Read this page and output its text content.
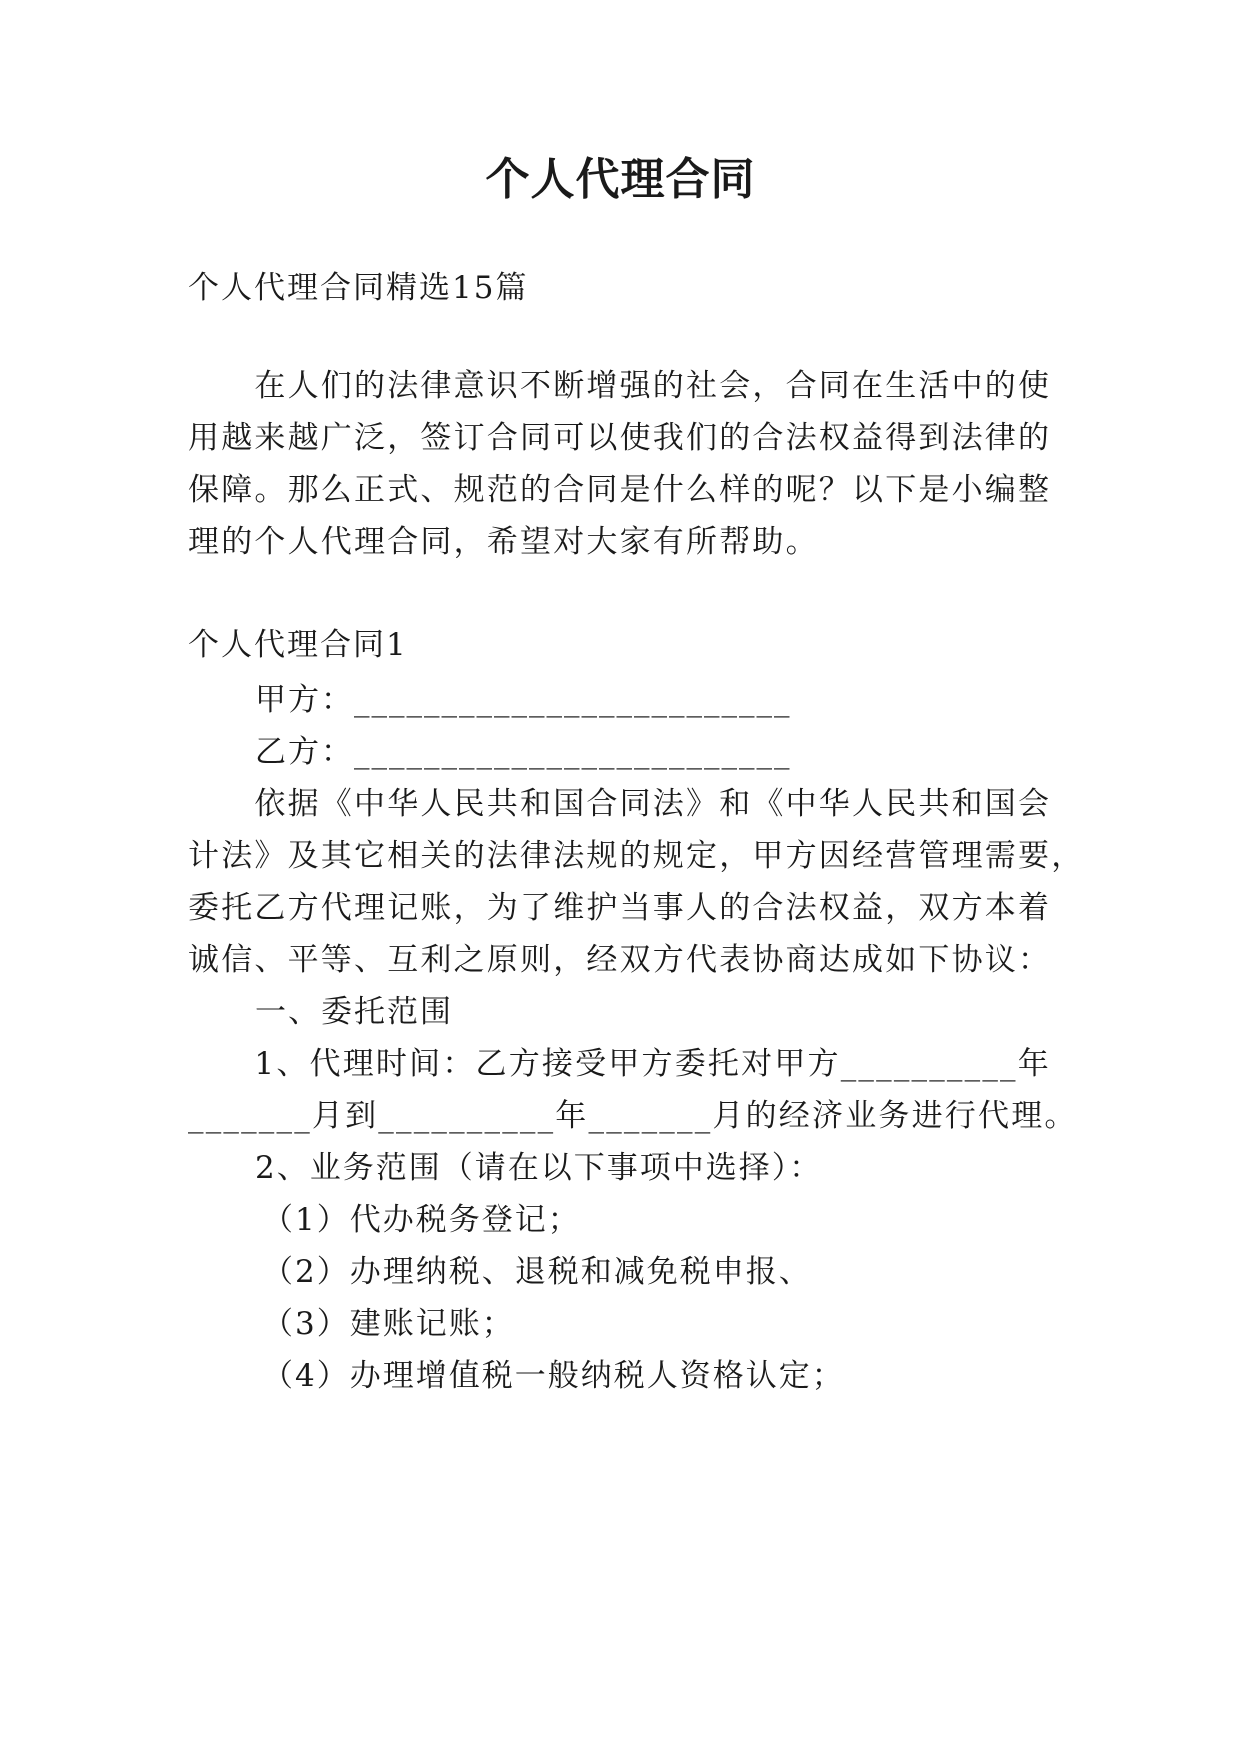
个人代理合同
个人代理合同精选15篇
　　在人们的法律意识不断增强的社会，合同在生活中的使
用越来越广泛，签订合同可以使我们的合法权益得到法律的
保障。那么正式、规范的合同是什么样的呢？以下是小编整
理的个人代理合同，希望对大家有所帮助。
个人代理合同1
甲方：_________________________
乙方：_________________________
　　依据《中华人民共和国合同法》和《中华人民共和国会
计法》及其它相关的法律法规的规定，甲方因经营管理需要，
委托乙方代理记账，为了维护当事人的合法权益，双方本着
诚信、平等、互利之原则，经双方代表协商达成如下协议：
一、委托范围
　　1、代理时间：乙方接受甲方委托对甲方__________年
_______月到__________年_______月的经济业务进行代理。
2、业务范围（请在以下事项中选择）：
（1）代办税务登记；
（2）办理纳税、退税和减免税申报、
（3）建账记账；
（4）办理增值税一般纳税人资格认定；
